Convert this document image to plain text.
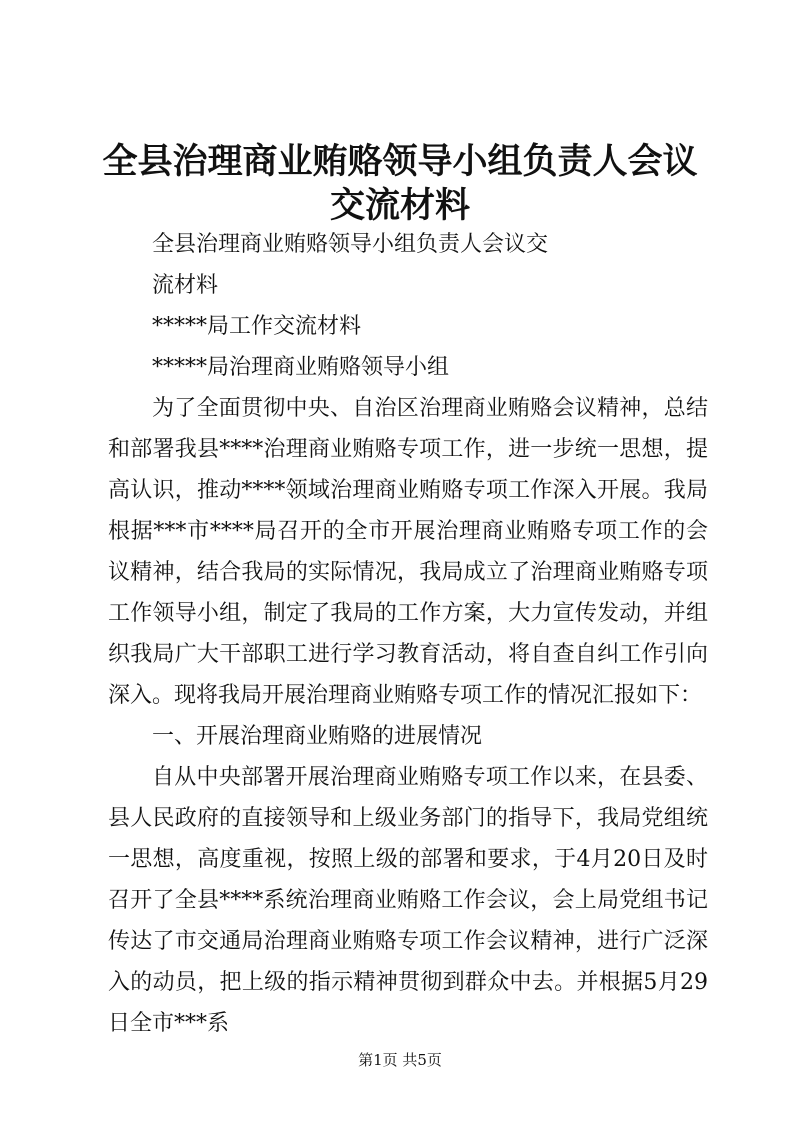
全县治理商业贿赂领导小组负责人会议交流材料

全县治理商业贿赂领导小组负责人会议交

流材料

*****局工作交流材料

*****局治理商业贿赂领导小组

为了全面贯彻中央、自治区治理商业贿赂会议精神，总结和部署我县****治理商业贿赂专项工作，进一步统一思想，提高认识，推动****领域治理商业贿赂专项工作深入开展。我局根据***市****局召开的全市开展治理商业贿赂专项工作的会议精神，结合我局的实际情况，我局成立了治理商业贿赂专项工作领导小组，制定了我局的工作方案，大力宣传发动，并组织我局广大干部职工进行学习教育活动，将自查自纠工作引向深入。现将我局开展治理商业贿赂专项工作的情况汇报如下：

一、开展治理商业贿赂的进展情况

自从中央部署开展治理商业贿赂专项工作以来，在县委、县人民政府的直接领导和上级业务部门的指导下，我局党组统一思想，高度重视，按照上级的部署和要求，于4月20日及时召开了全县****系统治理商业贿赂工作会议，会上局党组书记传达了市交通局治理商业贿赂专项工作会议精神，进行广泛深入的动员，把上级的指示精神贯彻到群众中去。并根据5月29日全市***系

第1页 共5页
